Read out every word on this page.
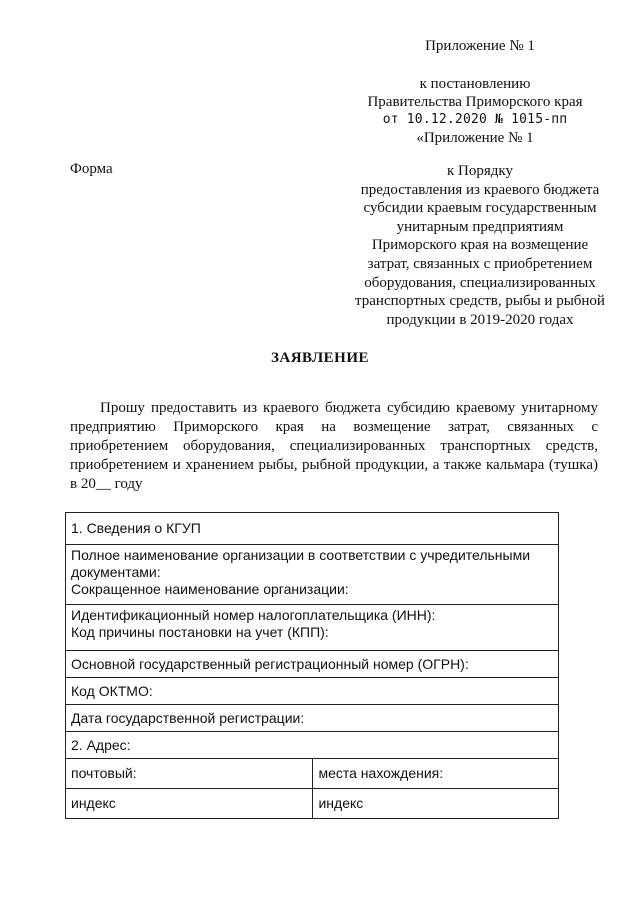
Приложение № 1
к постановлению
Правительства Приморского края
от 10.12.2020 № 1015-пп
«Приложение № 1
Форма	к Порядку
предоставления из краевого бюджета
субсидии краевым государственным
унитарным предприятиям
Приморского края на возмещение
затрат, связанных с приобретением
оборудования, специализированных
транспортных средств, рыбы и рыбной
продукции в 2019-2020 годах
ЗАЯВЛЕНИЕ
Прошу предоставить из краевого бюджета субсидию краевому унитарному
предприятию Приморского края на возмещение затрат, связанных с
приобретением оборудования, специализированных транспортных средств,
приобретением и хранением рыбы, рыбной продукции, а также кальмара (тушка)
в 20__ году
1. Сведения о КГУП	

Полное наименование организации в соответствии с учредительными
документами:
Сокращенное наименование организации:	

Идентификационный номер налогоплательщика (ИНН):
Код причины постановки на учет (КПП):	

Основной государственный регистрационный номер (ОГРН):	
Код ОКТМО:	
Дата государственной регистрации:	
2. Адрес:	
почтовый:	места нахождения:
индекс	индекс
